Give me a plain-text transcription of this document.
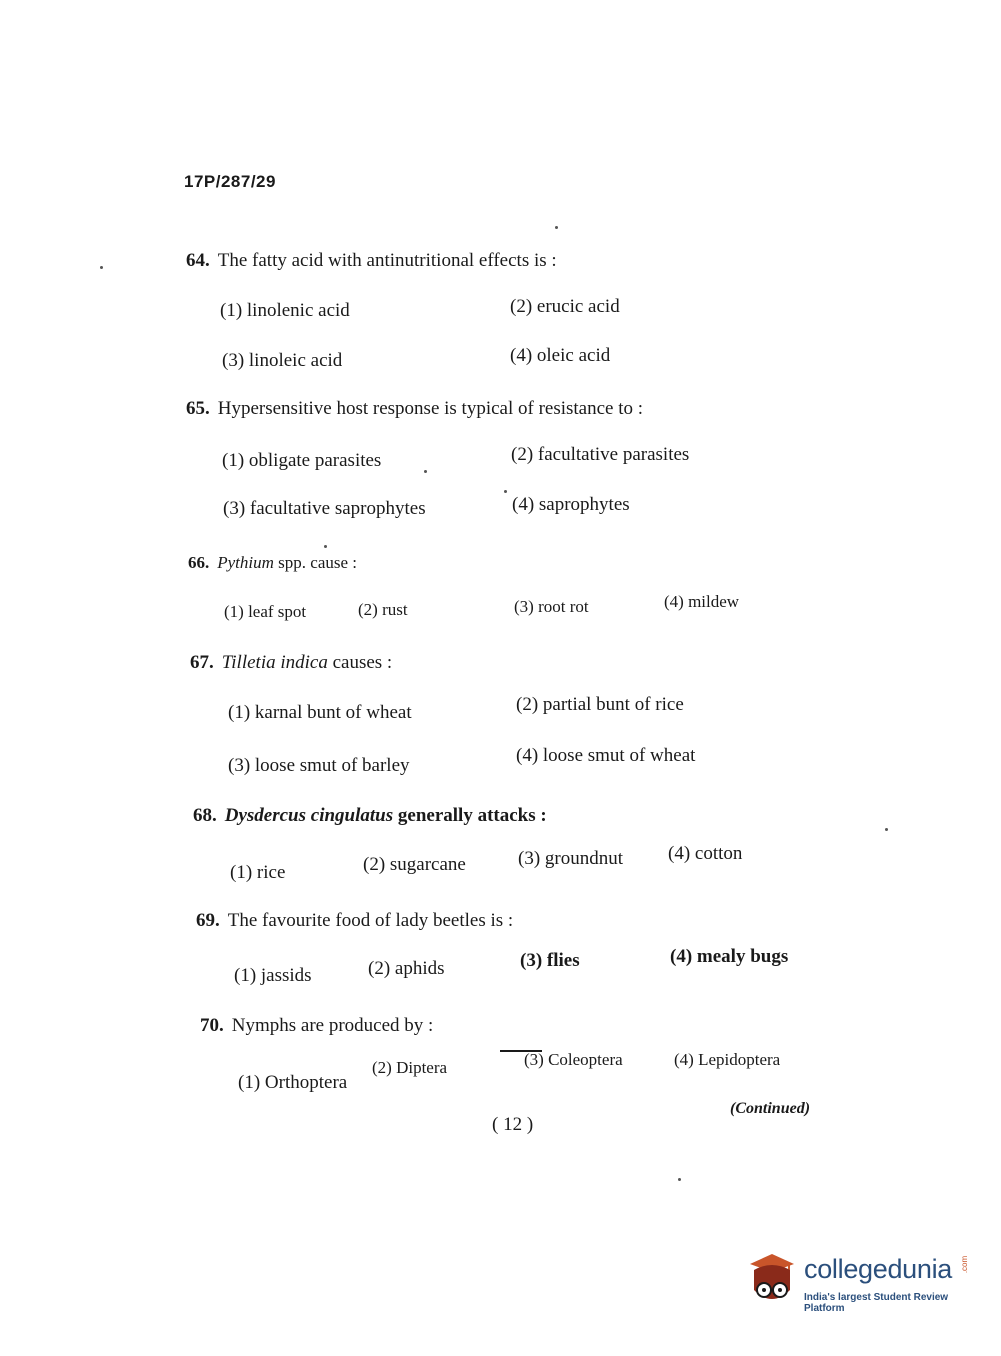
17P/287/29
64. The fatty acid with antinutritional effects is :
(1) linolenic acid	(2) erucic acid
(3) linoleic acid	(4) oleic acid
65. Hypersensitive host response is typical of resistance to :
(1) obligate parasites	(2) facultative parasites
(3) facultative saprophytes	(4) saprophytes
66. Pythium spp. cause :
(1) leaf spot	(2) rust	(3) root rot	(4) mildew
67. Tilletia indica causes :
(1) karnal bunt of wheat	(2) partial bunt of rice
(3) loose smut of barley	(4) loose smut of wheat
68. Dysdercus cingulatus generally attacks :
(1) rice	(2) sugarcane	(3) groundnut (4) cotton
69. The favourite food of lady beetles is :
(1) jassids	(2) aphids	(3) flies	(4) mealy bugs
70. Nymphs are produced by :
(1) Orthoptera
(2) Diptera	(3) Coleoptera	(4) Lepidoptera
(Continued)
( 12 )
collegedunia .com
India's largest Student Review Platform
